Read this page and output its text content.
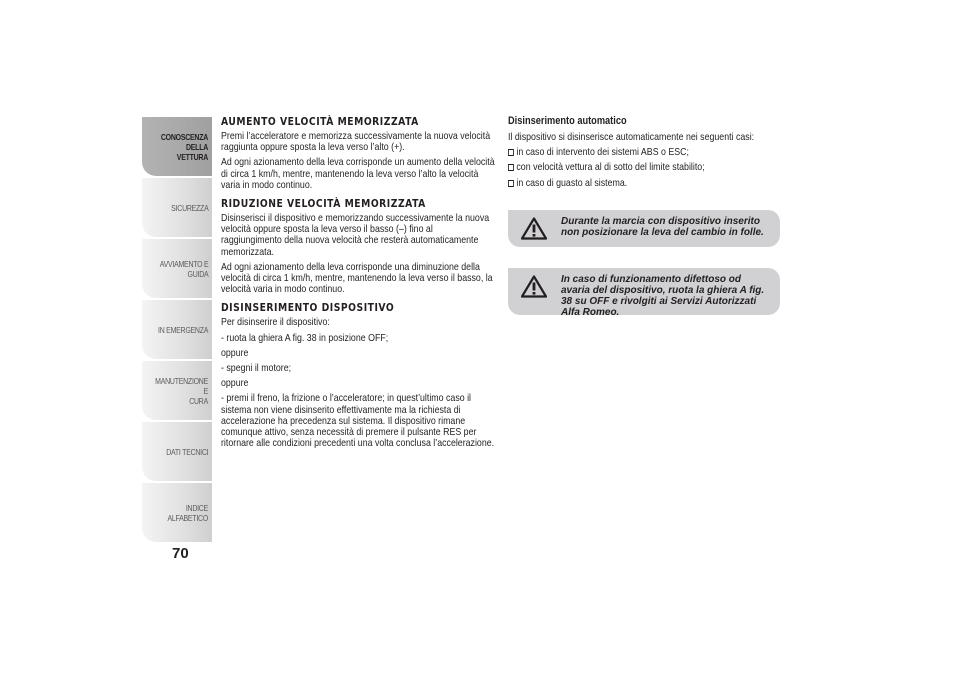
CONOSCENZA
DELLA VETTURA
SICUREZZA
AVVIAMENTO E
GUIDA
IN EMERGENZA
MANUTENZIONE E
CURA
DATI TECNICI
INDICE ALFABETICO
70
AUMENTO VELOCITÀ MEMORIZZATA

Premi l’acceleratore e memorizza successivamente la nuova velocità raggiunta oppure sposta la leva verso l’alto (+).

Ad ogni azionamento della leva corrisponde un aumento della velocità di circa 1 km/h, mentre, mantenendo la leva verso l’alto la velocità varia in modo continuo.

RIDUZIONE VELOCITÀ MEMORIZZATA

Disinserisci il dispositivo e memorizzando successivamente la nuova velocità oppure sposta la leva verso il basso (–) fino al raggiungimento della nuova velocità che resterà automaticamente memorizzata.

Ad ogni azionamento della leva corrisponde una diminuzione della velocità di circa 1 km/h, mentre, mantenendo la leva verso il basso, la velocità varia in modo continuo.

DISINSERIMENTO DISPOSITIVO

Per disinserire il dispositivo:

- ruota la ghiera A fig. 38 in posizione OFF;

oppure

- spegni il motore;

oppure

- premi il freno, la frizione o l’acceleratore; in quest’ultimo caso il sistema non viene disinserito effettivamente ma la richiesta di accelerazione ha precedenza sul sistema. Il dispositivo rimane comunque attivo, senza necessità di premere il pulsante RES per ritornare alle condizioni precedenti una volta conclusa l’accelerazione.

Disinserimento automatico

Il dispositivo si disinserisce automaticamente nei seguenti casi:

in caso di intervento dei sistemi ABS o ESC;
con velocità vettura al di sotto del limite stabilito;
in caso di guasto al sistema.
Durante la marcia con dispositivo inserito non posizionare la leva del cambio in folle.
In caso di funzionamento difettoso od avaria del dispositivo, ruota la ghiera A fig. 38 su OFF e rivolgiti ai Servizi Autorizzati Alfa Romeo.
